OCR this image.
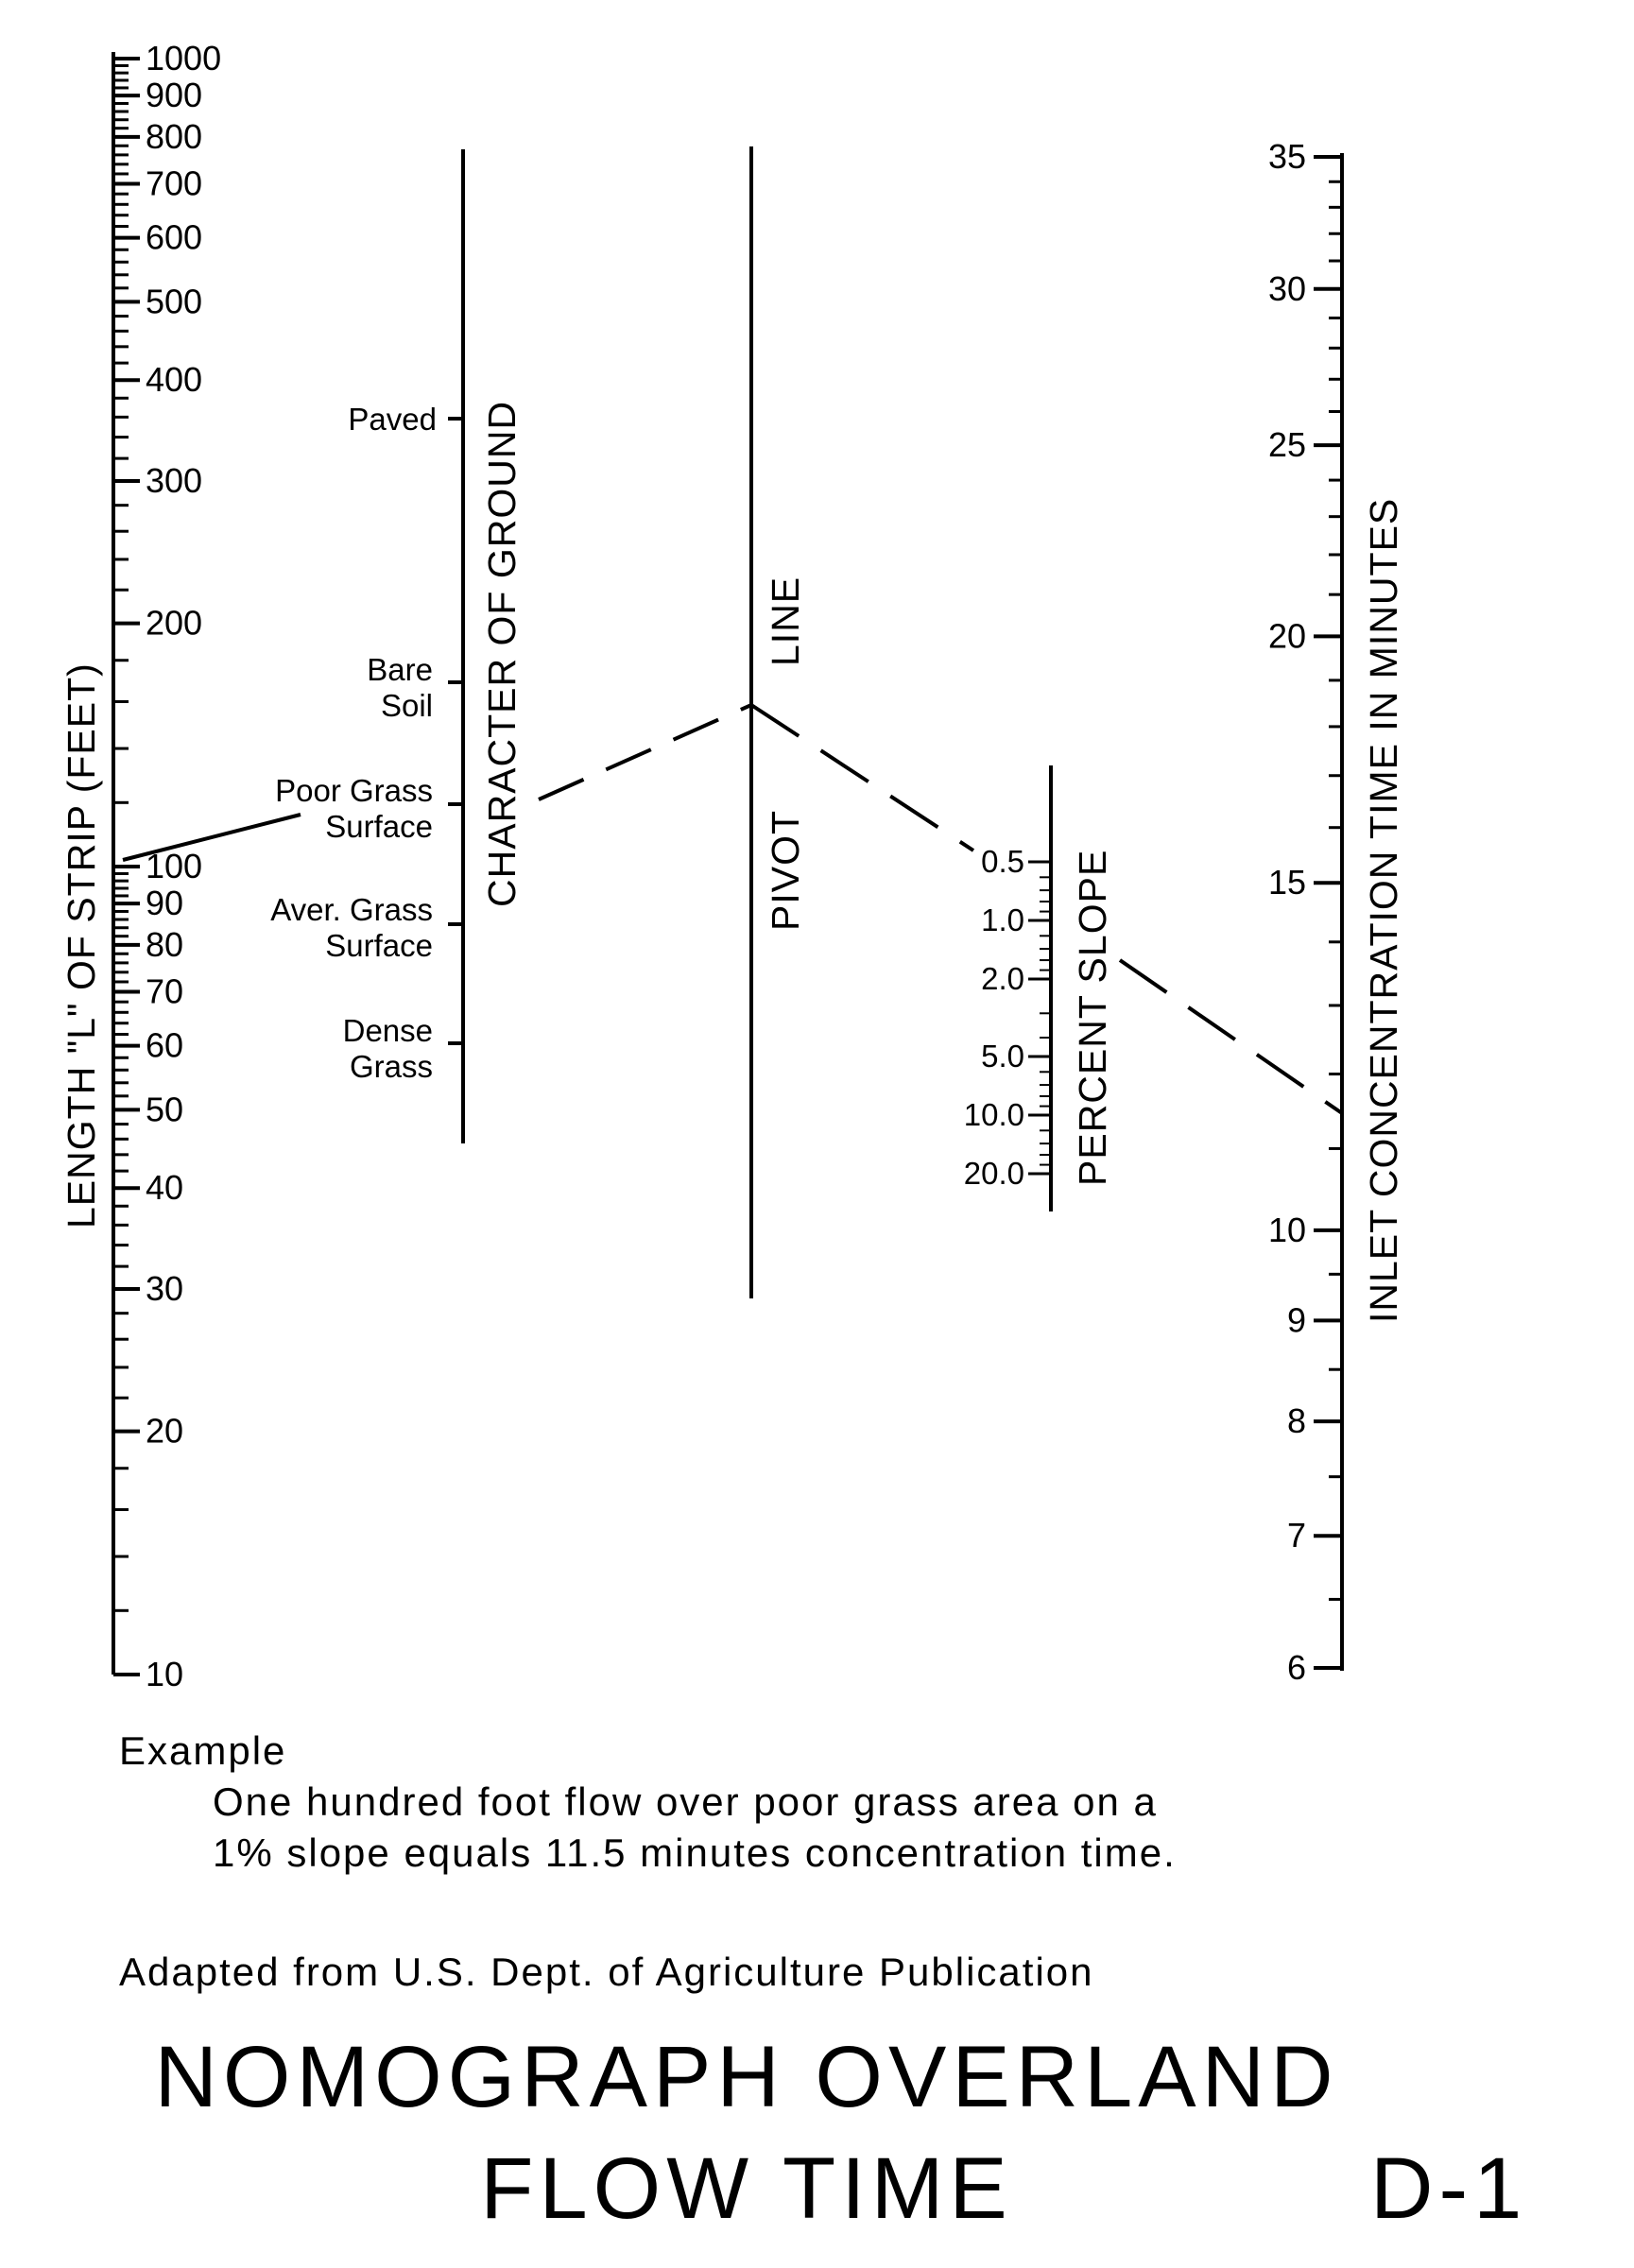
1000
900
800
700
600
500
400
300
200
100
90
80
70
60
50
40
30
20
10
LENGTH "L" OF STRIP (FEET)
Paved
Bare
Soil
Poor Grass
Surface
Aver. Grass
Surface
Dense
Grass
CHARACTER OF GROUND	PIVOT
LINE
0.5
1.0
2.0
5.0
10.0
20.0 PERCENT SLOPE
35
30
25
20
15
10
9
8
7
6
INLET CONCENTRATION TIME IN MINUTES
Example
One hundred foot flow over poor grass area on a
1% slope equals 11.5 minutes concentration time.
Adapted from U.S. Dept. of Agriculture Publication
NOMOGRAPH OVERLAND
FLOW TIME	D-1
